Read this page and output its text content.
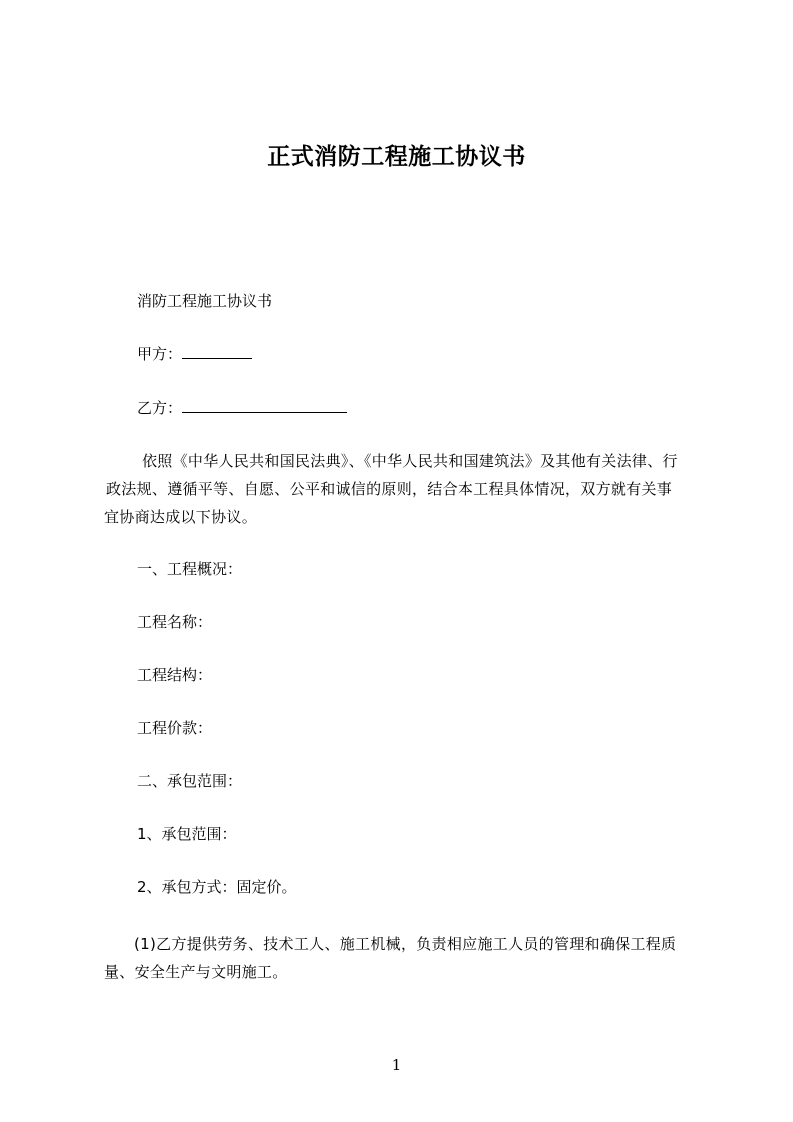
正式消防工程施工协议书
消防工程施工协议书
甲方：
乙方：
依照《中华人民共和国民法典》、《中华人民共和国建筑法》及其他有关法律、行
政法规、遵循平等、自愿、公平和诚信的原则，结合本工程具体情况，双方就有关事
宜协商达成以下协议。
一、工程概况：
工程名称：
工程结构：
工程价款：
二、承包范围：
1、承包范围：
2、承包方式：固定价。
(1)乙方提供劳务、技术工人、施工机械，负责相应施工人员的管理和确保工程质
量、安全生产与文明施工。
1
